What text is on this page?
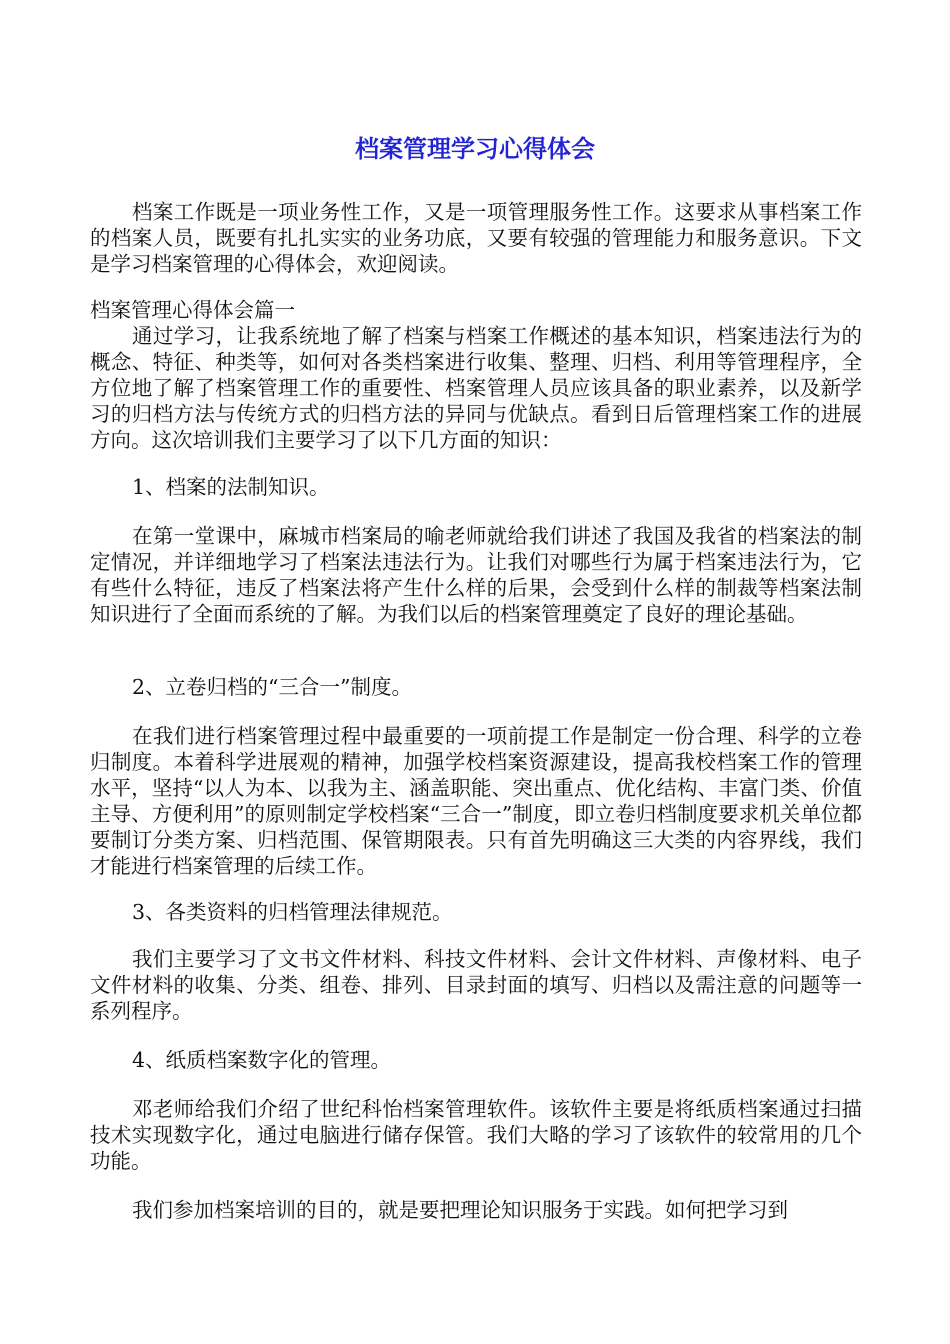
档案管理学习心得体会

档案工作既是一项业务性工作，又是一项管理服务性工作。这要求从事档案工作的档案人员，既要有扎扎实实的业务功底，又要有较强的管理能力和服务意识。下文是学习档案管理的心得体会，欢迎阅读。

档案管理心得体会篇一

通过学习，让我系统地了解了档案与档案工作概述的基本知识，档案违法行为的概念、特征、种类等，如何对各类档案进行收集、整理、归档、利用等管理程序，全方位地了解了档案管理工作的重要性、档案管理人员应该具备的职业素养，以及新学习的归档方法与传统方式的归档方法的异同与优缺点。看到日后管理档案工作的进展方向。这次培训我们主要学习了以下几方面的知识：

1、档案的法制知识。

在第一堂课中，麻城市档案局的喻老师就给我们讲述了我国及我省的档案法的制定情况，并详细地学习了档案法违法行为。让我们对哪些行为属于档案违法行为，它有些什么特征，违反了档案法将产生什么样的后果，会受到什么样的制裁等档案法制知识进行了全面而系统的了解。为我们以后的档案管理奠定了良好的理论基础。

2、立卷归档的“三合一”制度。

在我们进行档案管理过程中最重要的一项前提工作是制定一份合理、科学的立卷归制度。本着科学进展观的精神，加强学校档案资源建设，提高我校档案工作的管理水平，坚持“以人为本、以我为主、涵盖职能、突出重点、优化结构、丰富门类、价值主导、方便利用”的原则制定学校档案“三合一”制度，即立卷归档制度要求机关单位都要制订分类方案、归档范围、保管期限表。只有首先明确这三大类的内容界线，我们才能进行档案管理的后续工作。

3、各类资料的归档管理法律规范。

我们主要学习了文书文件材料、科技文件材料、会计文件材料、声像材料、电子文件材料的收集、分类、组卷、排列、目录封面的填写、归档以及需注意的问题等一系列程序。

4、纸质档案数字化的管理。

邓老师给我们介绍了世纪科怡档案管理软件。该软件主要是将纸质档案通过扫描技术实现数字化，通过电脑进行储存保管。我们大略的学习了该软件的较常用的几个功能。

我们参加档案培训的目的，就是要把理论知识服务于实践。如何把学习到
